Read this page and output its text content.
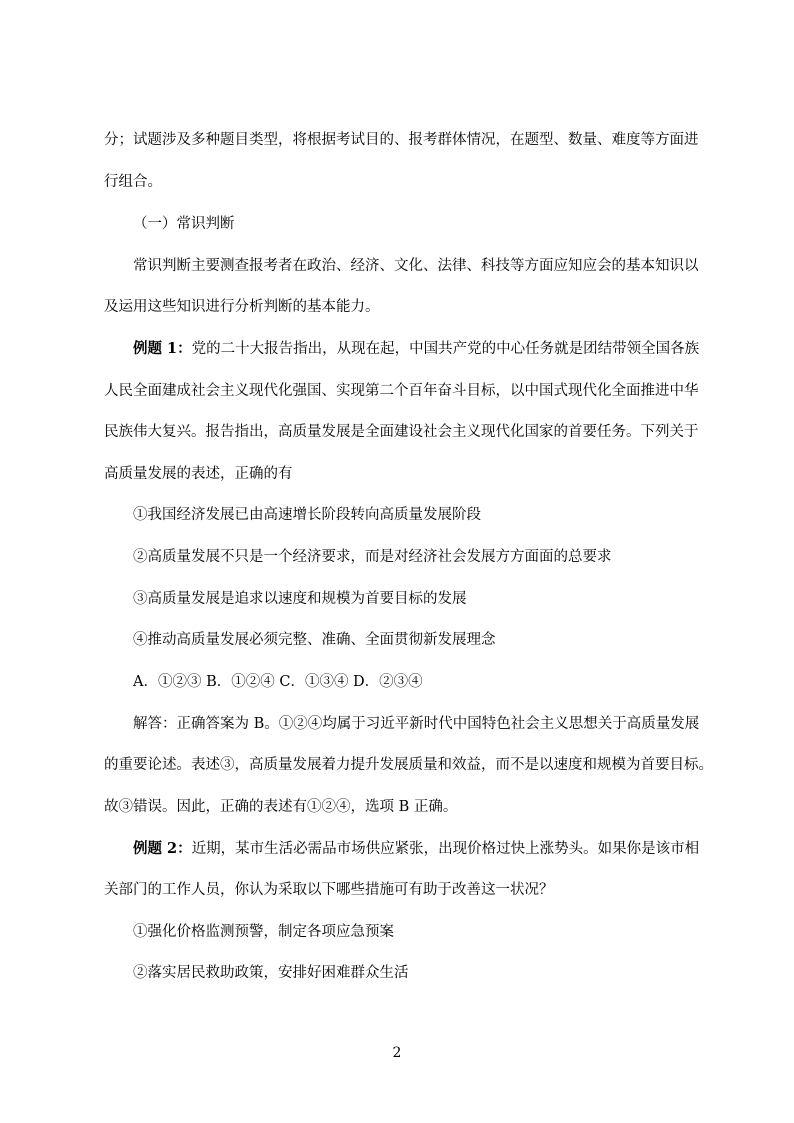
分；试题涉及多种题目类型，将根据考试目的、报考群体情况，在题型、数量、难度等方面进
行组合。
（一）常识判断
常识判断主要测查报考者在政治、经济、文化、法律、科技等方面应知应会的基本知识以
及运用这些知识进行分析判断的基本能力。
例题 1：党的二十大报告指出，从现在起，中国共产党的中心任务就是团结带领全国各族
人民全面建成社会主义现代化强国、实现第二个百年奋斗目标，以中国式现代化全面推进中华
民族伟大复兴。报告指出，高质量发展是全面建设社会主义现代化国家的首要任务。下列关于
高质量发展的表述，正确的有
①我国经济发展已由高速增长阶段转向高质量发展阶段
②高质量发展不只是一个经济要求，而是对经济社会发展方方面面的总要求
③高质量发展是追求以速度和规模为首要目标的发展
④推动高质量发展必须完整、准确、全面贯彻新发展理念
A．①②③ B．①②④ C．①③④ D．②③④
解答：正确答案为 B。①②④均属于习近平新时代中国特色社会主义思想关于高质量发展
的重要论述。表述③，高质量发展着力提升发展质量和效益，而不是以速度和规模为首要目标。
故③错误。因此，正确的表述有①②④，选项 B 正确。
例题 2：近期，某市生活必需品市场供应紧张，出现价格过快上涨势头。如果你是该市相
关部门的工作人员，你认为采取以下哪些措施可有助于改善这一状况？
①强化价格监测预警，制定各项应急预案
②落实居民救助政策，安排好困难群众生活
2
